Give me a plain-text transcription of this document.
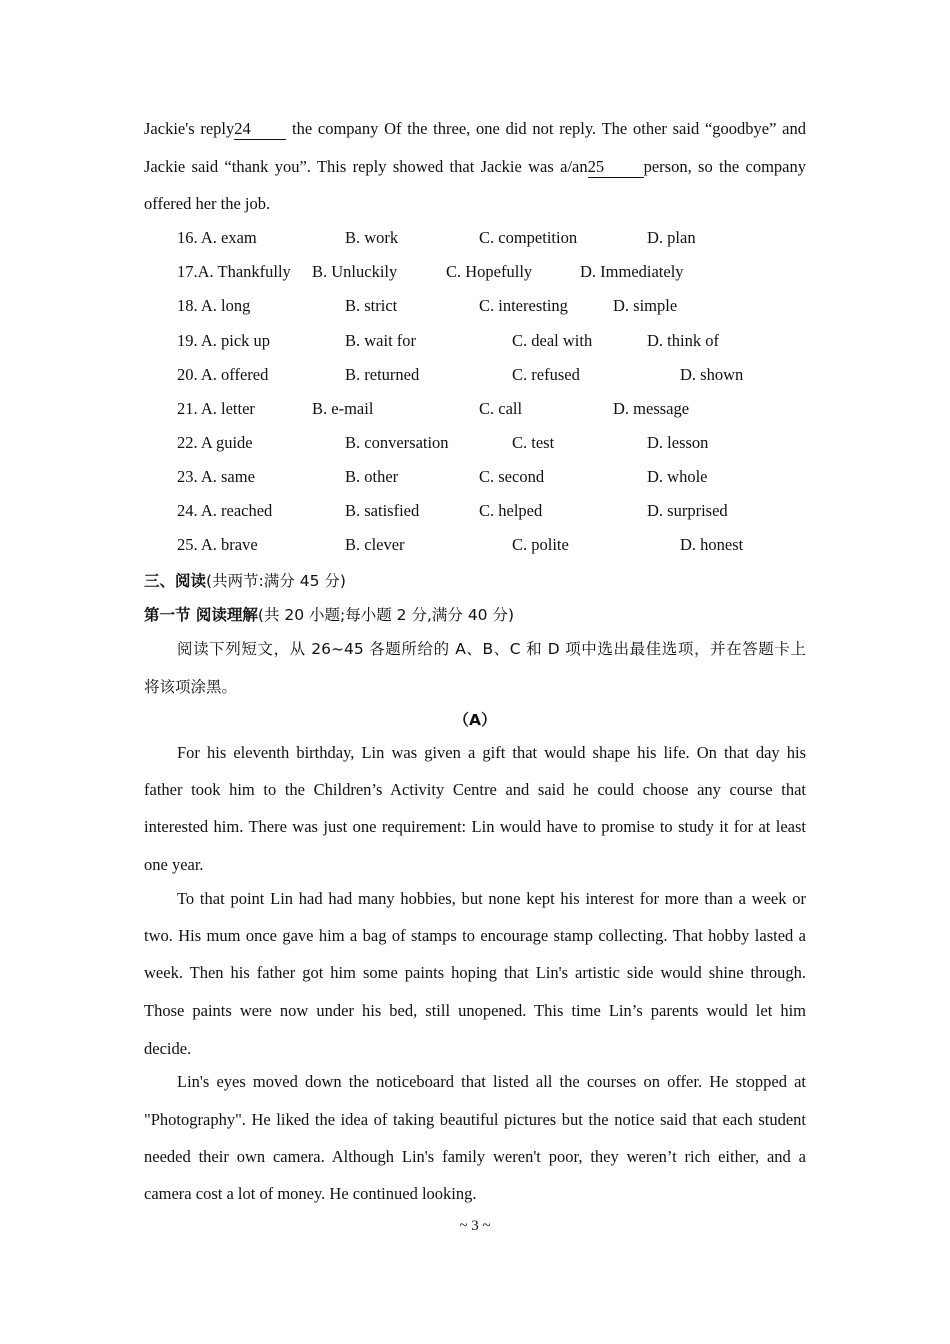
Jackie's reply24 the company Of the three, one did not reply. The other said “goodbye” and
Jackie said “thank you”. This reply showed that Jackie was a/an25 person, so the company
offered her the job.
16. A. exam	B. work	C. competition	D. plan
17.A. Thankfully B. Unluckily	C. Hopefully	D. Immediately
18. A. long	B. strict	C. interesting	D. simple
19. A. pick up	B. wait for	C. deal with	D. think of
20. A. offered	B. returned	C. refused	D. shown
21. A. letter	B. e-mail	C. call	D. message
22. A guide	B. conversation	C. test	D. lesson
23. A. same	B. other	C. second	D. whole
24. A. reached	B. satisfied	C. helped	D. surprised
25. A. brave	B. clever	C. polite	D. honest
三、阅读(共两节:满分 45 分)
第一节 阅读理解(共 20 小题;每小题 2 分,满分 40 分)
阅读下列短文，从 26~45 各题所给的 A、B、C 和 D 项中选出最佳选项，并在答题卡上
将该项涂黑。
（A）
For his eleventh birthday, Lin was given a gift that would shape his life. On that day his
father took him to the Children’s Activity Centre and said he could choose any course that
interested him. There was just one requirement: Lin would have to promise to study it for at least
one year.
To that point Lin had had many hobbies, but none kept his interest for more than a week or
two. His mum once gave him a bag of stamps to encourage stamp collecting. That hobby lasted a
week. Then his father got him some paints hoping that Lin's artistic side would shine through.
Those paints were now under his bed, still unopened. This time Lin’s parents would let him
decide.
Lin's eyes moved down the noticeboard that listed all the courses on offer. He stopped at
"Photography". He liked the idea of taking beautiful pictures but the notice said that each student
needed their own camera. Although Lin's family weren't poor, they weren’t rich either, and a
camera cost a lot of money. He continued looking.
~ 3 ~
